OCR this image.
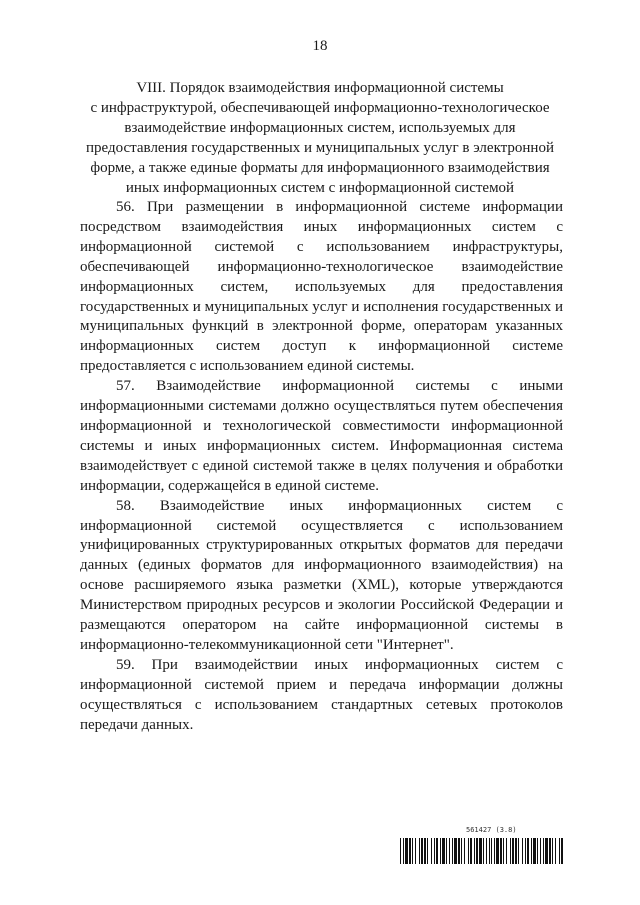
18
VIII. Порядок взаимодействия информационной системы
с инфраструктурой, обеспечивающей информационно-технологическое
взаимодействие информационных систем, используемых для
предоставления государственных и муниципальных услуг в электронной
форме, а также единые форматы для информационного взаимодействия
иных информационных систем с информационной системой

56. При размещении в информационной системе информации посредством взаимодействия иных информационных систем с информационной системой с использованием инфраструктуры, обеспечивающей информационно-технологическое взаимодействие информационных систем, используемых для предоставления государственных и муниципальных услуг и исполнения государственных и муниципальных функций в электронной форме, операторам указанных информационных систем доступ к информационной системе предоставляется с использованием единой системы.

57. Взаимодействие информационной системы с иными информационными системами должно осуществляться путем обеспечения информационной и технологической совместимости информационной системы и иных информационных систем. Информационная система взаимодействует с единой системой также в целях получения и обработки информации, содержащейся в единой системе.

58. Взаимодействие иных информационных систем с информационной системой осуществляется с использованием унифицированных структурированных открытых форматов для передачи данных (единых форматов для информационного взаимодействия) на основе расширяемого языка разметки (XML), которые утверждаются Министерством природных ресурсов и экологии Российской Федерации и размещаются оператором на сайте информационной системы в информационно-телекоммуникационной сети "Интернет".

59. При взаимодействии иных информационных систем с информационной системой прием и передача информации должны осуществляться с использованием стандартных сетевых протоколов передачи данных.

561427 (3.8)
